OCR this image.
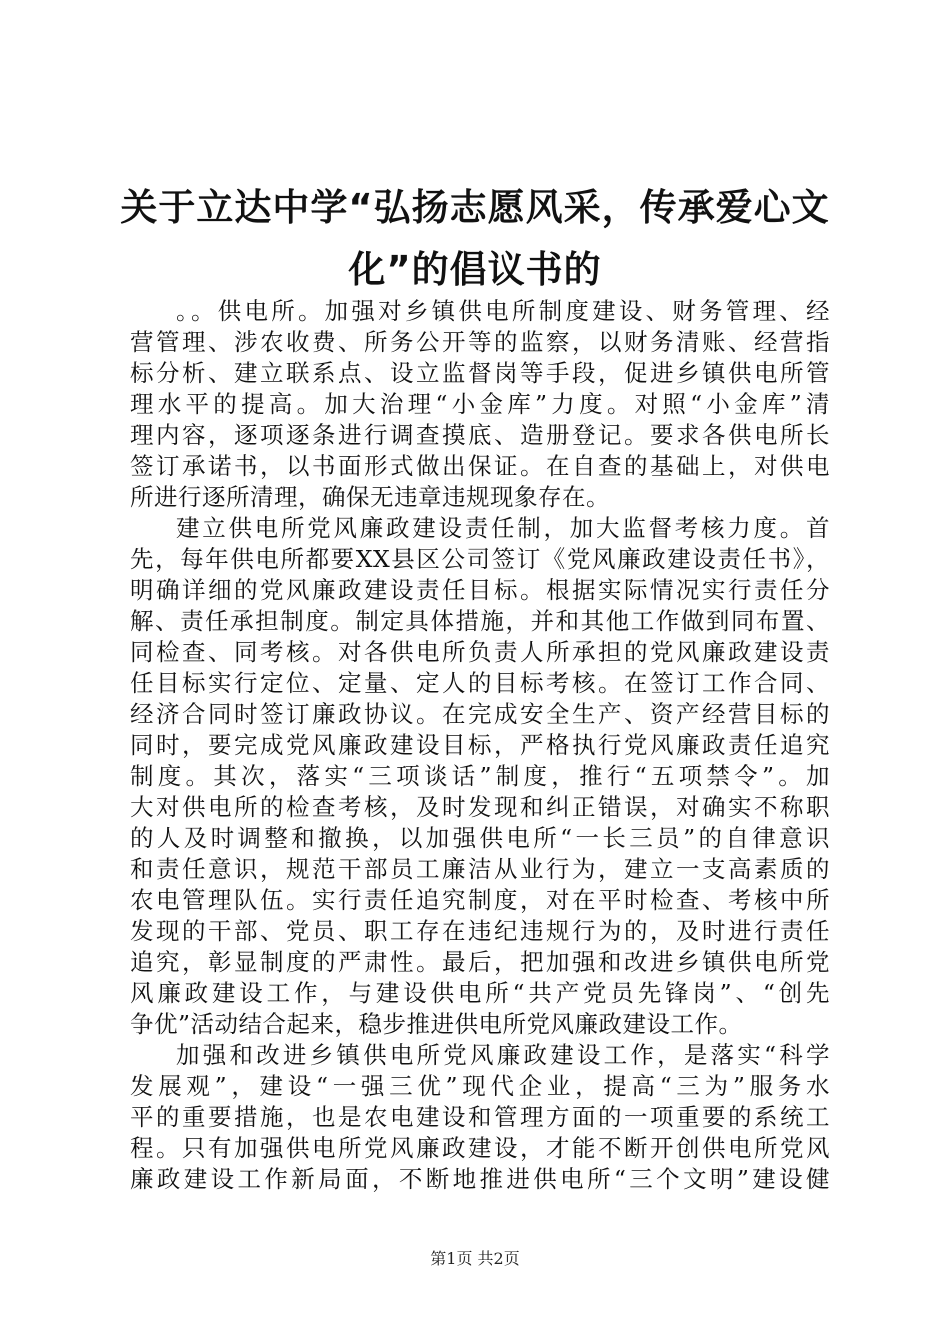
关于立达中学“弘扬志愿风采，传承爱心文
化”的倡议书的
。。供电所。加强对乡镇供电所制度建设、财务管理、经
营管理、涉农收费、所务公开等的监察，以财务清账、经营指
标分析、建立联系点、设立监督岗等手段，促进乡镇供电所管
理水平的提高。加大治理“小金库”力度。对照“小金库”清
理内容，逐项逐条进行调查摸底、造册登记。要求各供电所长
签订承诺书，以书面形式做出保证。在自查的基础上，对供电
所进行逐所清理，确保无违章违规现象存在。
建立供电所党风廉政建设责任制，加大监督考核力度。首
先，每年供电所都要XX县区公司签订《党风廉政建设责任书》，
明确详细的党风廉政建设责任目标。根据实际情况实行责任分
解、责任承担制度。制定具体措施，并和其他工作做到同布置、
同检查、同考核。对各供电所负责人所承担的党风廉政建设责
任目标实行定位、定量、定人的目标考核。在签订工作合同、
经济合同时签订廉政协议。在完成安全生产、资产经营目标的
同时，要完成党风廉政建设目标，严格执行党风廉政责任追究
制度。其次，落实“三项谈话”制度，推行“五项禁令”。加
大对供电所的检查考核，及时发现和纠正错误，对确实不称职
的人及时调整和撤换，以加强供电所“一长三员”的自律意识
和责任意识，规范干部员工廉洁从业行为，建立一支高素质的
农电管理队伍。实行责任追究制度，对在平时检查、考核中所
发现的干部、党员、职工存在违纪违规行为的，及时进行责任
追究，彰显制度的严肃性。最后，把加强和改进乡镇供电所党
风廉政建设工作，与建设供电所“共产党员先锋岗”、“创先
争优”活动结合起来，稳步推进供电所党风廉政建设工作。
加强和改进乡镇供电所党风廉政建设工作，是落实“科学
发展观”，建设“一强三优”现代企业，提高“三为”服务水
平的重要措施，也是农电建设和管理方面的一项重要的系统工
程。只有加强供电所党风廉政建设，才能不断开创供电所党风
廉政建设工作新局面，不断地推进供电所“三个文明”建设健
第1页 共2页
